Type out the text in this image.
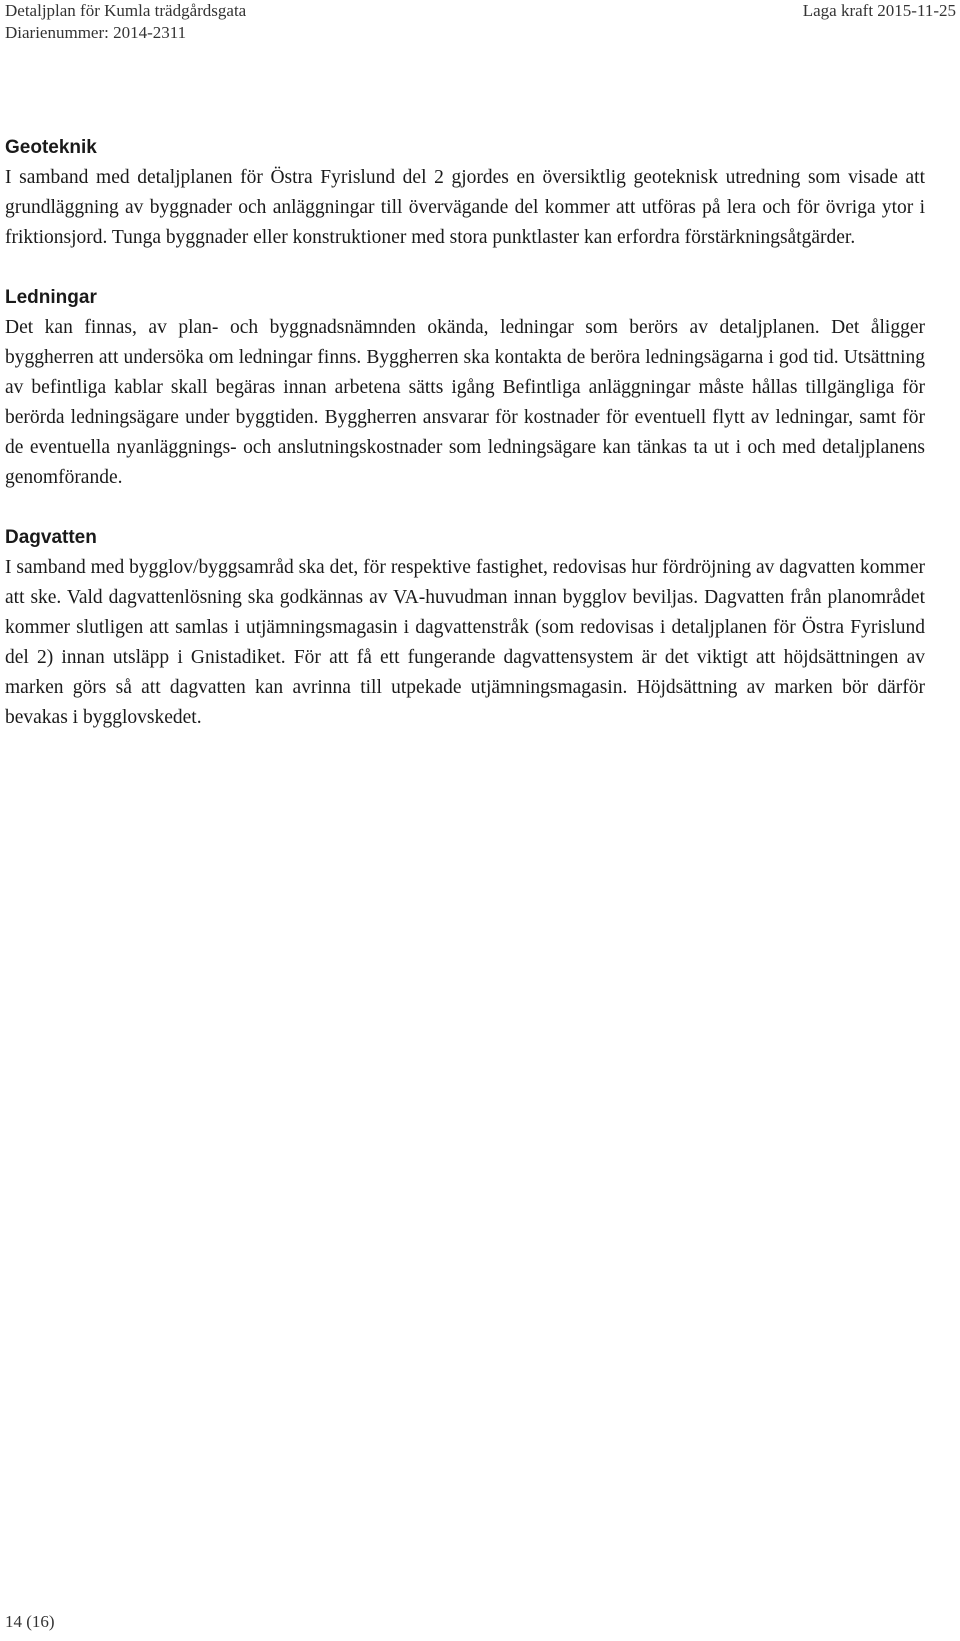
Detaljplan för Kumla trädgårdsgata
Diarienummer: 2014-2311
Laga kraft 2015-11-25
Geoteknik

I samband med detaljplanen för Östra Fyrislund del 2 gjordes en översiktlig geoteknisk utredning som visade att grundläggning av byggnader och anläggningar till övervägande del kommer att utföras på lera och för övriga ytor i friktionsjord. Tunga byggnader eller konstruktioner med stora punktlaster kan erfordra förstärkningsåtgärder.

Ledningar

Det kan finnas, av plan- och byggnadsnämnden okända, ledningar som berörs av detaljplanen. Det åligger byggherren att undersöka om ledningar finns. Byggherren ska kontakta de beröra ledningsägarna i god tid. Utsättning av befintliga kablar skall begäras innan arbetena sätts igång Befintliga anläggningar måste hållas tillgängliga för berörda ledningsägare under byggtiden. Byggherren ansvarar för kostnader för eventuell flytt av ledningar, samt för de eventuella nyanläggnings- och anslutningskostnader som ledningsägare kan tänkas ta ut i och med detaljplanens genomförande.

Dagvatten

I samband med bygglov/byggsamråd ska det, för respektive fastighet, redovisas hur fördröjning av dagvatten kommer att ske. Vald dagvattenlösning ska godkännas av VA-huvudman innan bygglov beviljas. Dagvatten från planområdet kommer slutligen att samlas i utjämningsmagasin i dagvattenstråk (som redovisas i detaljplanen för Östra Fyrislund del 2) innan utsläpp i Gnistadiket. För att få ett fungerande dagvattensystem är det viktigt att höjdsättningen av marken görs så att dagvatten kan avrinna till utpekade utjämningsmagasin. Höjdsättning av marken bör därför bevakas i bygglovskedet.

14 (16)
